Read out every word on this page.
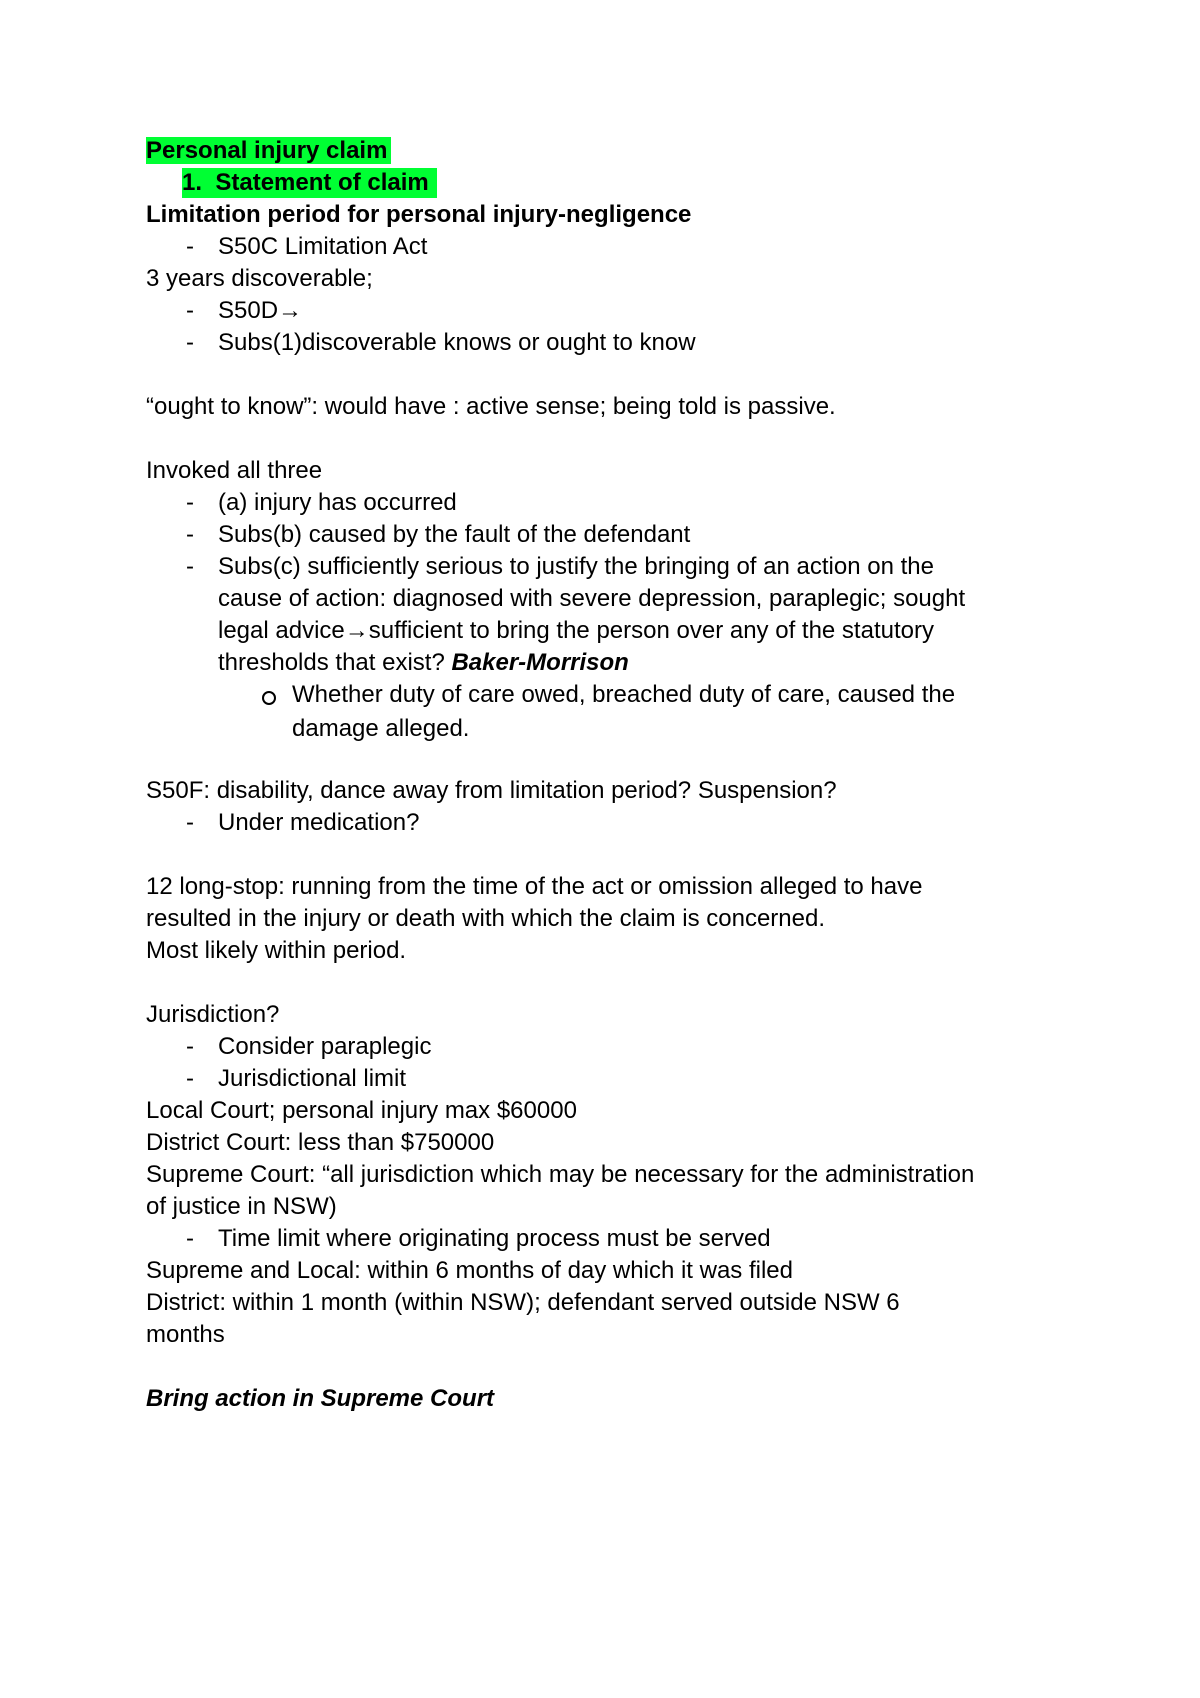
Personal injury claim
1. Statement of claim
Limitation period for personal injury-negligence
- S50C Limitation Act
3 years discoverable;
- S50D→
- Subs(1)discoverable knows or ought to know
“ought to know”: would have : active sense; being told is passive.
Invoked all three
- (a) injury has occurred
- Subs(b) caused by the fault of the defendant
- Subs(c) sufficiently serious to justify the bringing of an action on the
cause of action: diagnosed with severe depression, paraplegic; sought
legal advice→sufficient to bring the person over any of the statutory
thresholds that exist? Baker-Morrison
Whether duty of care owed, breached duty of care, caused the
damage alleged.
S50F: disability, dance away from limitation period? Suspension?
- Under medication?
12 long-stop: running from the time of the act or omission alleged to have
resulted in the injury or death with which the claim is concerned.
Most likely within period.
Jurisdiction?
- Consider paraplegic
- Jurisdictional limit
Local Court; personal injury max $60000
District Court: less than $750000
Supreme Court: “all jurisdiction which may be necessary for the administration
of justice in NSW)
- Time limit where originating process must be served
Supreme and Local: within 6 months of day which it was filed
District: within 1 month (within NSW); defendant served outside NSW 6
months
Bring action in Supreme Court
